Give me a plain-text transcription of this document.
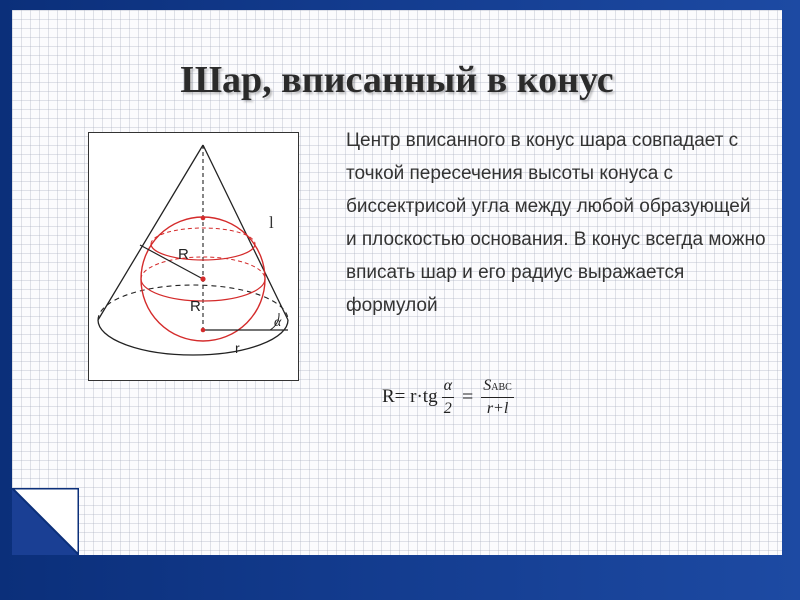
Шар, вписанный в конус
l
R
R
α
r
Центр вписанного в конус шара совпадает с точкой пересечения высоты конуса с биссектрисой угла между любой образующей и плоскостью основания. В конус всегда можно вписать шар и его радиус выражается формулой
$R= r\cdot tg \frac{\alpha}{2} = \frac{\text{SABC}}{r+l}$
